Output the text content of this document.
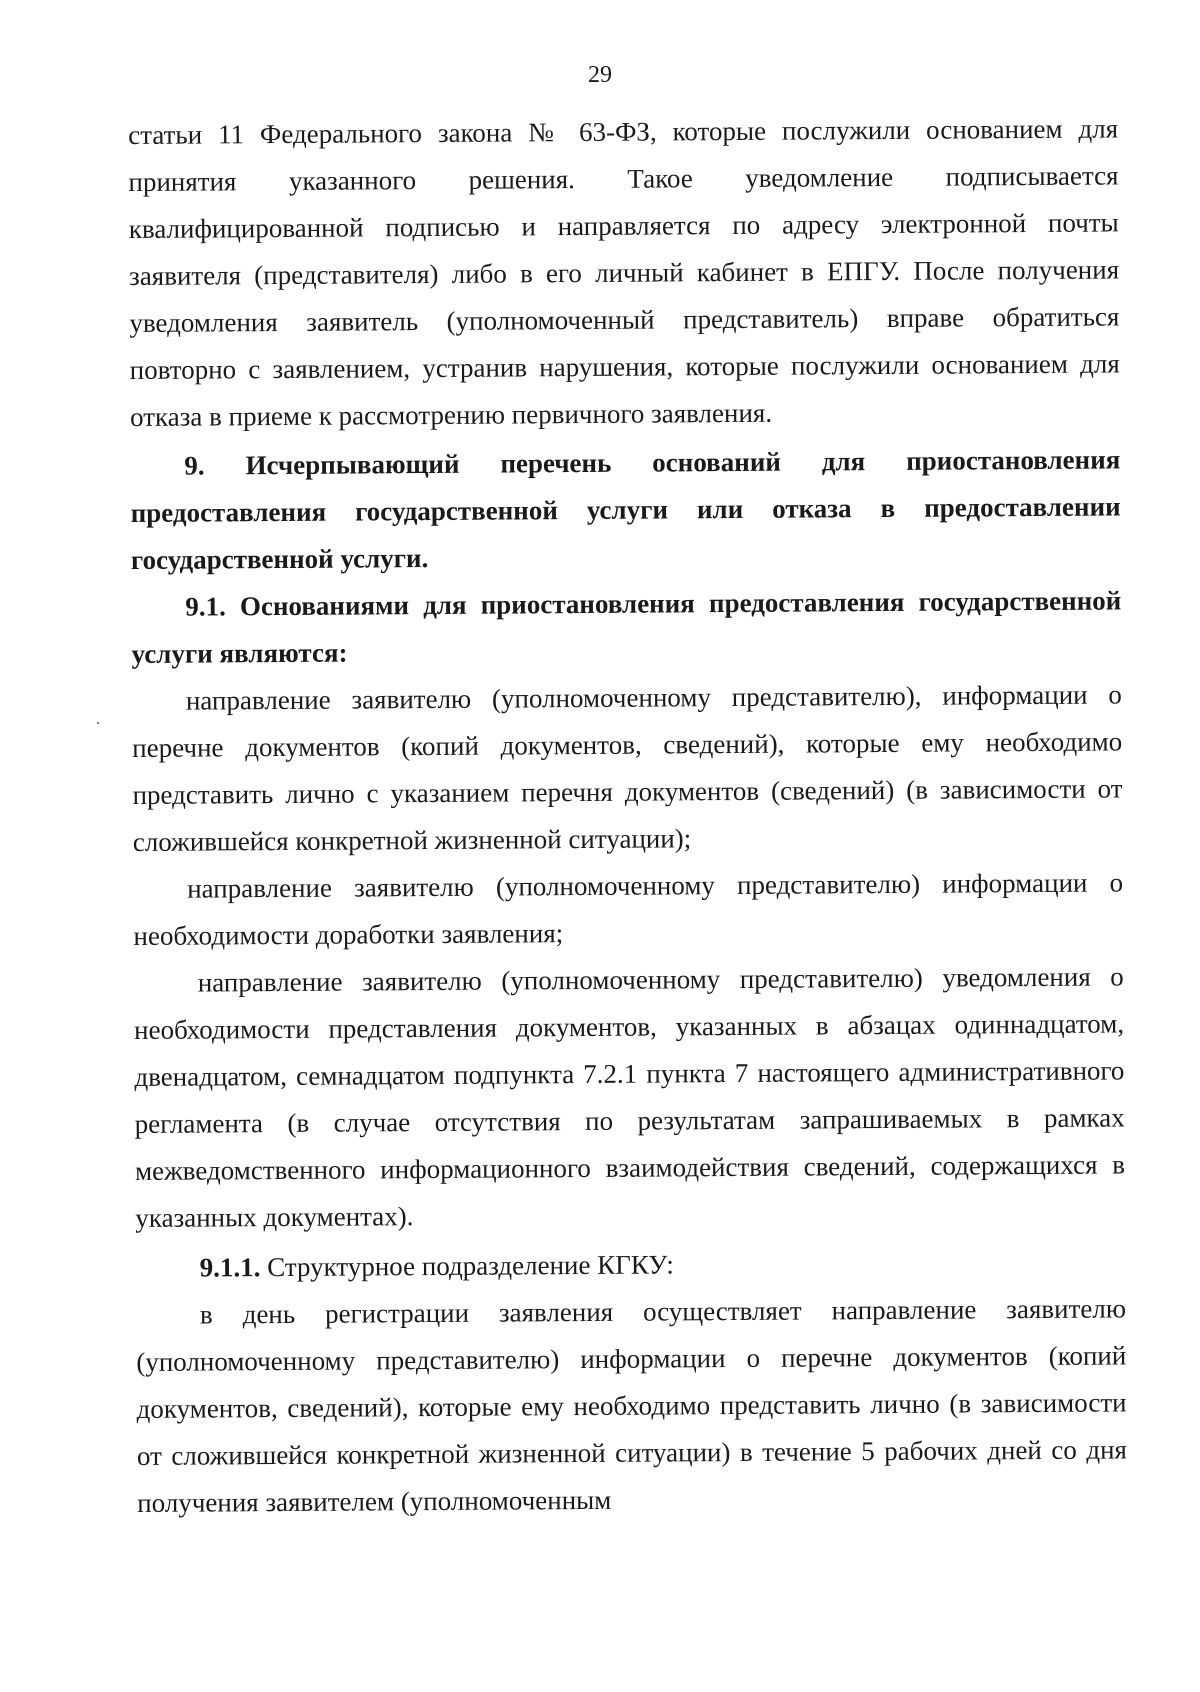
29

статьи 11 Федерального закона № 63-ФЗ, которые послужили основанием для принятия указанного решения. Такое уведомление подписывается квалифицированной подписью и направляется по адресу электронной почты заявителя (представителя) либо в его личный кабинет в ЕПГУ. После получения уведомления заявитель (уполномоченный представитель) вправе обратиться повторно с заявлением, устранив нарушения, которые послужили основанием для отказа в приеме к рассмотрению первичного заявления.

9. Исчерпывающий перечень оснований для приостановления предоставления государственной услуги или отказа в предоставлении государственной услуги.

9.1. Основаниями для приостановления предоставления государственной услуги являются:

направление заявителю (уполномоченному представителю), информации о перечне документов (копий документов, сведений), которые ему необходимо представить лично с указанием перечня документов (сведений) (в зависимости от сложившейся конкретной жизненной ситуации);

направление заявителю (уполномоченному представителю) информации о необходимости доработки заявления;

направление заявителю (уполномоченному представителю) уведомления о необходимости представления документов, указанных в абзацах одиннадцатом, двенадцатом, семнадцатом подпункта 7.2.1 пункта 7 настоящего административного регламента (в случае отсутствия по результатам запрашиваемых в рамках межведомственного информационного взаимодействия сведений, содержащихся в указанных документах).

9.1.1. Структурное подразделение КГКУ:

в день регистрации заявления осуществляет направление заявителю (уполномоченному представителю) информации о перечне документов (копий документов, сведений), которые ему необходимо представить лично (в зависимости от сложившейся конкретной жизненной ситуации) в течение 5 рабочих дней со дня получения заявителем (уполномоченным
